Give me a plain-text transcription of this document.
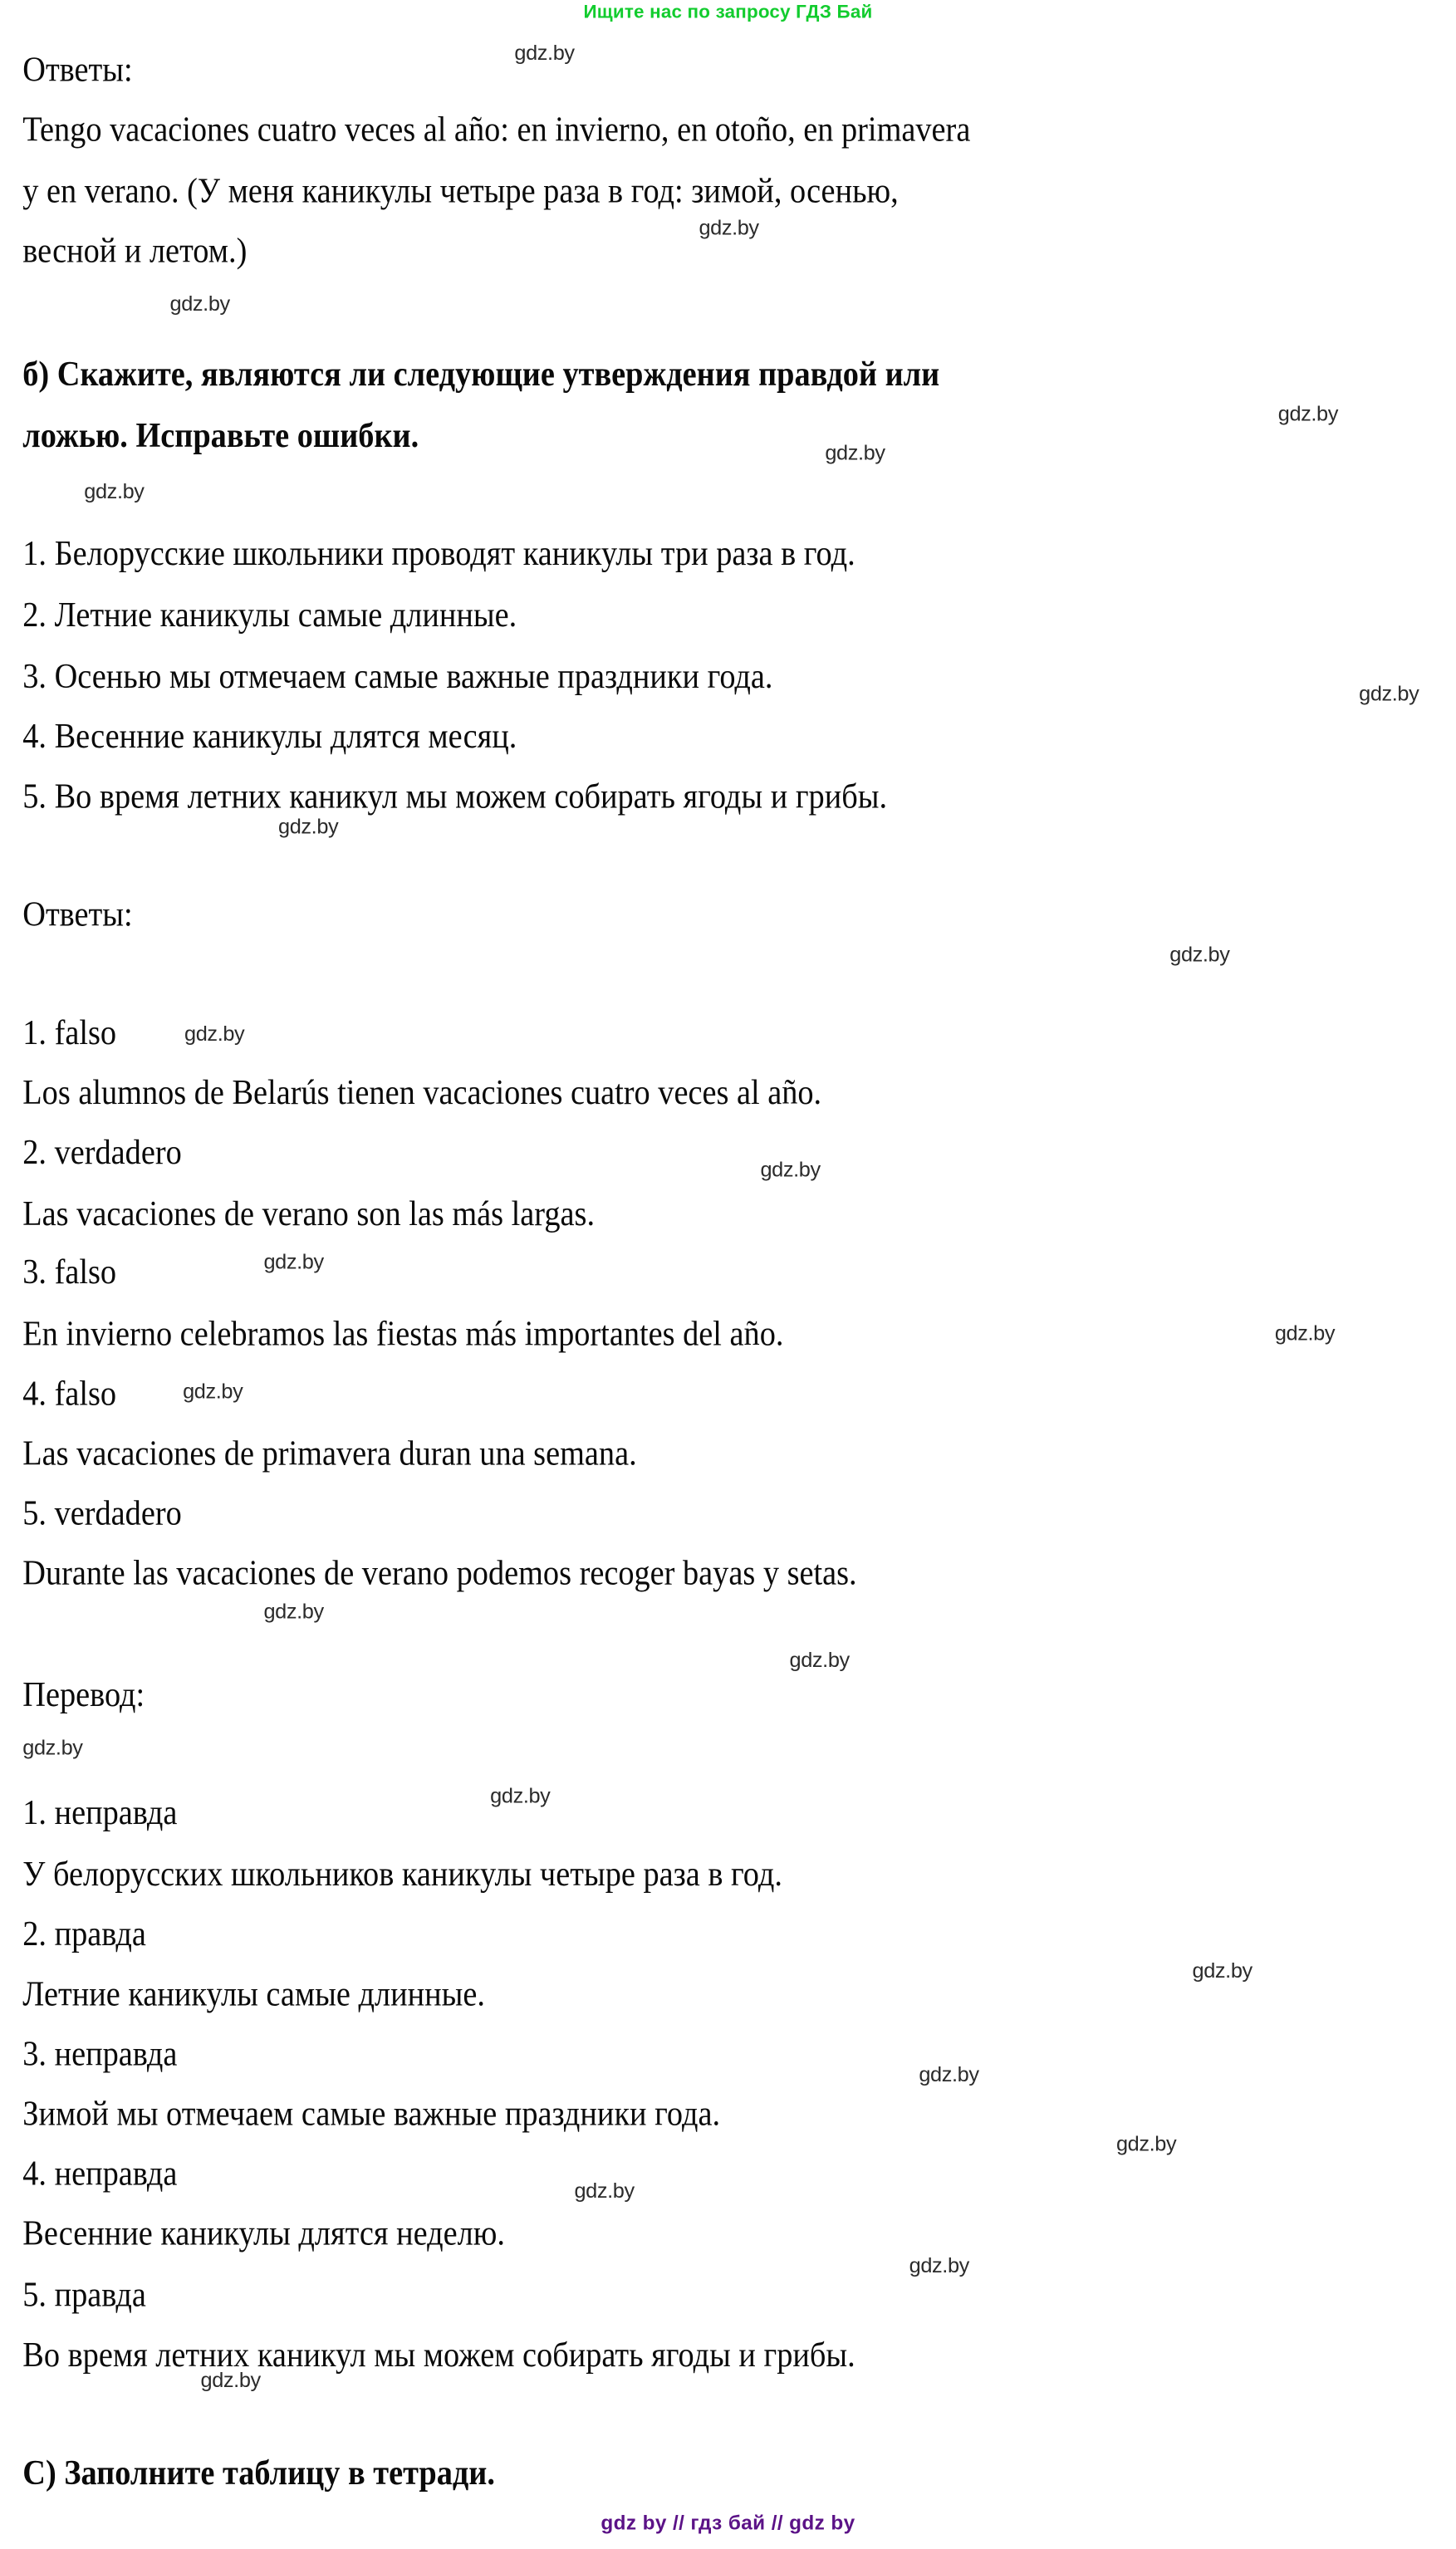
Ищите нас по запросу ГДЗ Бай
gdz.by
gdz.by
gdz.by
gdz.by
gdz.by
gdz.by
gdz.by
gdz.by
gdz.by
gdz.by
gdz.by
gdz.by
gdz.by
gdz.by
gdz.by
gdz.by
gdz.by
gdz.by
gdz.by
gdz.by
gdz.by
gdz.by
gdz.by
gdz.by
Ответы:
Tengo vacaciones cuatro veces al año: en invierno, en otoño, en primavera
y en verano. (У меня каникулы четыре раза в год: зимой, осенью,
весной и летом.)
б) Скажите, являются ли следующие утверждения правдой или
ложью. Исправьте ошибки.
1. Белорусские школьники проводят каникулы три раза в год.
2. Летние каникулы самые длинные.
3. Осенью мы отмечаем самые важные праздники года.
4. Весенние каникулы длятся месяц.
5. Во время летних каникул мы можем собирать ягоды и грибы.
Ответы:
1. falso
Los alumnos de Belarús tienen vacaciones cuatro veces al año.
2. verdadero
Las vacaciones de verano son las más largas.
3. falso
En invierno celebramos las fiestas más importantes del año.
4. falso
Las vacaciones de primavera duran una semana.
5. verdadero
Durante las vacaciones de verano podemos recoger bayas y setas.
Перевод:
1. неправда
У белорусских школьников каникулы четыре раза в год.
2. правда
Летние каникулы самые длинные.
3. неправда
Зимой мы отмечаем самые важные праздники года.
4. неправда
Весенние каникулы длятся неделю.
5. правда
Во время летних каникул мы можем собирать ягоды и грибы.
С) Заполните таблицу в тетради.
gdz by // гдз бай // gdz by
